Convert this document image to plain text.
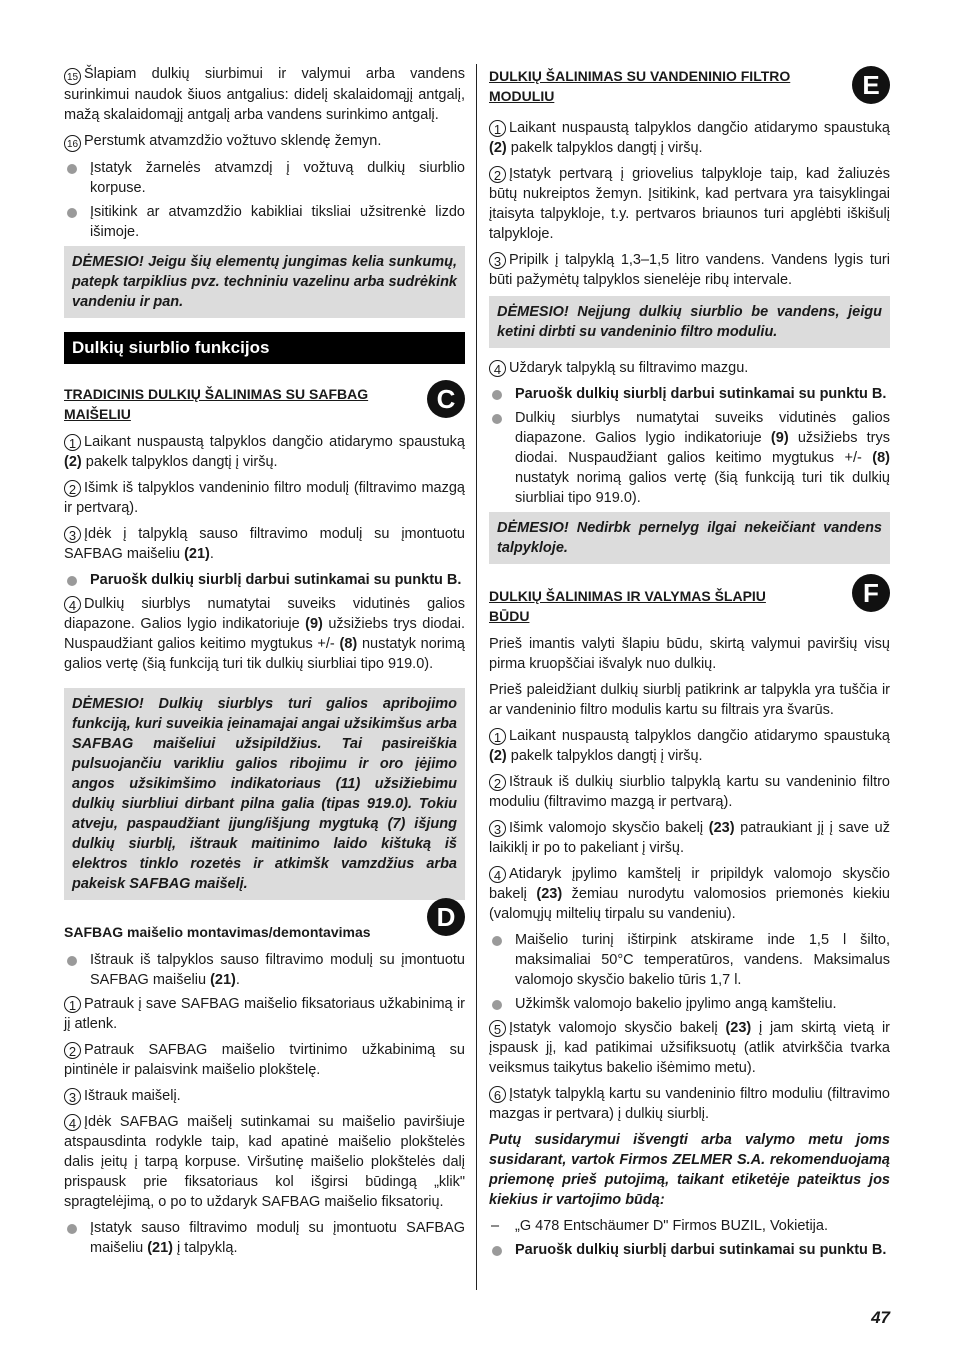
15 Šlapiam dulkių siurbimui ir valymui arba vandens surinkimui naudok šiuos antgalius: didelį skalaidomąjį antgalį, mažą skalaidomąjį antgalį arba vandens surinkimo antgalį.

16 Perstumk atvamzdžio vožtuvo sklendę žemyn.

Įstatyk žarnelės atvamzdį į vožtuvą dulkių siurblio korpuse.

Įsitikink ar atvamzdžio kabikliai tiksliai užsitrenkė lizdo išimoje.

DĖMESIO! Jeigu šių elementų jungimas kelia sunkumų, patepk tarpiklius pvz. techniniu vazelinu arba sudrėkink vandeniu ir pan.
Dulkių siurblio funkcijos
TRADICINIS DULKIŲ ŠALINIMAS SU SAFBAG MAIŠELIU	C

1 Laikant nuspaustą talpyklos dangčio atidarymo spaustuką (2) pakelk talpyklos dangtį į viršų.

2 Išimk iš talpyklos vandeninio filtro modulį (filtravimo mazgą ir pertvarą).

3 Įdėk į talpyklą sauso filtravimo modulį su įmontuotu SAFBAG maišeliu (21).

Paruošk dulkių siurblį darbui sutinkamai su punktu B.

4 Dulkių siurblys numatytai suveiks vidutinės galios diapazone. Galios lygio indikatoriuje (9) užsižiebs trys diodai. Nuspaudžiant galios keitimo mygtukus +/- (8) nustatyk norimą galios vertę (šią funkciją turi tik dulkių siurbliai tipo 919.0).

DĖMESIO! Dulkių siurblys turi galios apribojimo funkciją, kuri suveikia įeinamajai angai užsikimšus arba SAFBAG maišeliui užsipildžius. Tai pasireiškia pulsuojančiu varikliu galios ribojimu ir oro įėjimo angos užsikimšimo indikatoriaus (11) užsižiebimu dulkių siurbliui dirbant pilna galia (tipas 919.0). Tokiu atveju, paspaudžiant įjung/išjung mygtuką (7) išjung dulkių siurblį, ištrauk maitinimo laido kištuką iš elektros tinklo rozetės ir atkimšk vamzdžius arba pakeisk SAFBAG maišelį.
SAFBAG maišelio montavimas/demontavimas	D

Ištrauk iš talpyklos sauso filtravimo modulį su įmontuotu SAFBAG maišeliu (21).

1 Patrauk į save SAFBAG maišelio fiksatoriaus užkabinimą ir jį atlenk.

2 Patrauk SAFBAG maišelio tvirtinimo užkabinimą su pintinėle ir palaisvink maišelio plokštelę.

3 Ištrauk maišelį.

4 Įdėk SAFBAG maišelį sutinkamai su maišelio paviršiuje atspausdinta rodykle taip, kad apatinė maišelio plokštelės dalis įeitų į tarpą korpuse. Viršutinę maišelio plokštelės dalį prispausk prie fiksatoriaus kol išgirsi būdingą „klik" spragtelėjimą, o po to uždaryk SAFBAG maišelio fiksatorių.

Įstatyk sauso filtravimo modulį su įmontuotu SAFBAG maišeliu (21) į talpyklą.

DULKIŲ ŠALINIMAS SU VANDENINIO FILTRO MODULIU	E

1 Laikant nuspaustą talpyklos dangčio atidarymo spaustuką (2) pakelk talpyklos dangtį į viršų.

2 Įstatyk pertvarą į griovelius talpykloje taip, kad žaliuzės būtų nukreiptos žemyn. Įsitikink, kad pertvara yra taisyklingai įtaisyta talpykloje, t.y. pertvaros briaunos turi apglėbti iškišulį talpykloje.

3 Pripilk į talpyklą 1,3–1,5 litro vandens. Vandens lygis turi būti pažymėtų talpyklos sienelėje ribų intervale.

DĖMESIO! Neįjung dulkių siurblio be vandens, jeigu ketini dirbti su vandeninio filtro moduliu.

4 Uždaryk talpyklą su filtravimo mazgu.

Paruošk dulkių siurblį darbui sutinkamai su punktu B.

Dulkių siurblys numatytai suveiks vidutinės galios diapazone. Galios lygio indikatoriuje (9) užsižiebs trys diodai. Nuspaudžiant galios keitimo mygtukus +/- (8) nustatyk norimą galios vertę (šią funkciją turi tik dulkių siurbliai tipo 919.0).

DĖMESIO! Nedirbk pernelyg ilgai nekeičiant vandens talpykloje.
DULKIŲ ŠALINIMAS IR VALYMAS ŠLAPIU BŪDU
F

Prieš imantis valyti šlapiu būdu, skirtą valymui paviršių visų pirma kruopščiai išvalyk nuo dulkių.

Prieš paleidžiant dulkių siurblį patikrink ar talpykla yra tuščia ir ar vandeninio filtro modulis kartu su filtrais yra švarūs.

1 Laikant nuspaustą talpyklos dangčio atidarymo spaustuką (2) pakelk talpyklos dangtį į viršų.

2 Ištrauk iš dulkių siurblio talpyklą kartu su vandeninio filtro moduliu (filtravimo mazgą ir pertvarą).

3 Išimk valomojo skysčio bakelį (23) patraukiant jį į save už laikiklį ir po to pakeliant į viršų.

4 Atidaryk įpylimo kamštelį ir pripildyk valomojo skysčio bakelį (23) žemiau nurodytu valomosios priemonės kiekiu (valomųjų miltelių tirpalu su vandeniu).

Maišelio turinį ištirpink atskirame inde 1,5 l šilto, maksimaliai 50°C temperatūros, vandens. Maksimalus valomojo skysčio bakelio tūris 1,7 l.

Užkimšk valomojo bakelio įpylimo angą kamšteliu.

5 Įstatyk valomojo skysčio bakelį (23) į jam skirtą vietą ir įspausk jį, kad patikimai užsifiksuotų (atlik atvirkščia tvarka veiksmus taikytus bakelio išėmimo metu).

6 Įstatyk talpyklą kartu su vandeninio filtro moduliu (filtravimo mazgas ir pertvara) į dulkių siurblį.

Putų susidarymui išvengti arba valymo metu joms susidarant, vartok Firmos ZELMER S.A. rekomenduojamą priemonę prieš putojimą, taikant etiketėje pateiktus jos kiekius ir vartojimo būdą:

– „G 478 Entschäumer D" Firmos BUZIL, Vokietija.

Paruošk dulkių siurblį darbui sutinkamai su punktu B.

47
